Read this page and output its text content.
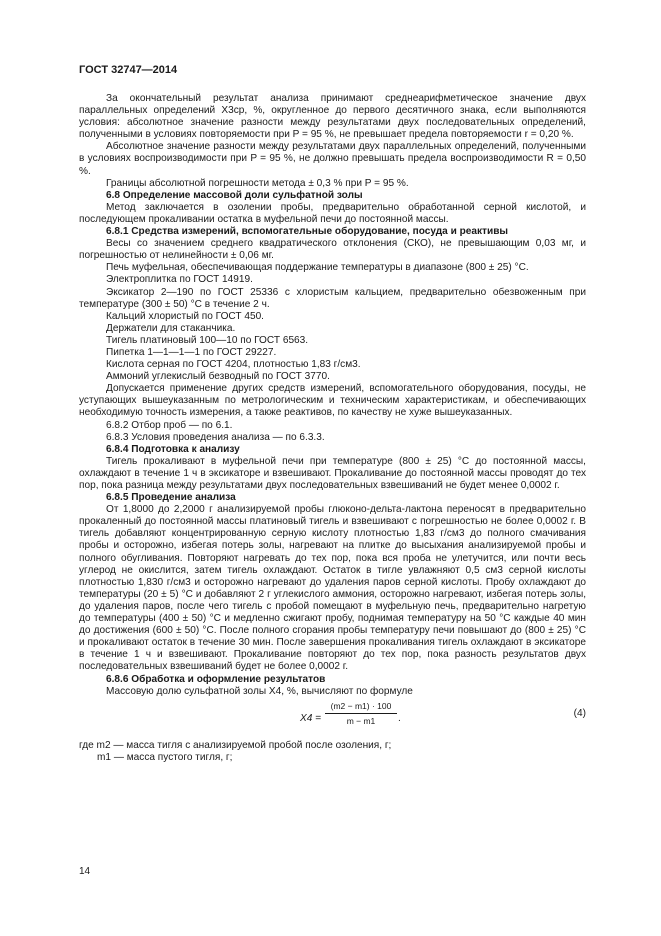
ГОСТ 32747—2014

За окончательный результат анализа принимают среднеарифметическое значение двух параллельных определений X3ср, %, округленное до первого десятичного знака, если выполняются условия: абсолютное значение разности между результатами двух последовательных определений, полученными в условиях повторяемости при P = 95 %, не превышает предела повторяемости r = 0,20 %.

Абсолютное значение разности между результатами двух параллельных определений, полученными в условиях воспроизводимости при P = 95 %, не должно превышать предела воспроизводимости R = 0,50 %.

Границы абсолютной погрешности метода ± 0,3 % при P = 95 %.

6.8 Определение массовой доли сульфатной золы

Метод заключается в озолении пробы, предварительно обработанной серной кислотой, и последующем прокаливании остатка в муфельной печи до постоянной массы.

6.8.1 Средства измерений, вспомогательные оборудование, посуда и реактивы

Весы со значением среднего квадратического отклонения (СКО), не превышающим 0,03 мг, и погрешностью от нелинейности ± 0,06 мг.

Печь муфельная, обеспечивающая поддержание температуры в диапазоне (800 ± 25) °С.

Электроплитка по ГОСТ 14919.

Эксикатор 2—190 по ГОСТ 25336 с хлористым кальцием, предварительно обезвоженным при температуре (300 ± 50) °С в течение 2 ч.

Кальций хлористый по ГОСТ 450.

Держатели для стаканчика.

Тигель платиновый 100—10 по ГОСТ 6563.

Пипетка 1—1—1—1 по ГОСТ 29227.

Кислота серная по ГОСТ 4204, плотностью 1,83 г/см3.

Аммоний углекислый безводный по ГОСТ 3770.

Допускается применение других средств измерений, вспомогательного оборудования, посуды, не уступающих вышеуказанным по метрологическим и техническим характеристикам, и обеспечивающих необходимую точность измерения, а также реактивов, по качеству не хуже вышеуказанных.

6.8.2 Отбор проб — по 6.1.

6.8.3 Условия проведения анализа — по 6.3.3.

6.8.4 Подготовка к анализу

Тигель прокаливают в муфельной печи при температуре (800 ± 25) °С до постоянной массы, охлаждают в течение 1 ч в эксикаторе и взвешивают. Прокаливание до постоянной массы проводят до тех пор, пока разница между результатами двух последовательных взвешиваний не будет менее 0,0002 г.

6.8.5 Проведение анализа

От 1,8000 до 2,2000 г анализируемой пробы глюконо-дельта-лактона переносят в предварительно прокаленный до постоянной массы платиновый тигель и взвешивают с погрешностью не более 0,0002 г. В тигель добавляют концентрированную серную кислоту плотностью 1,83 г/см3 до полного смачивания пробы и осторожно, избегая потерь золы, нагревают на плитке до высыхания анализируемой пробы и полного обугливания. Повторяют нагревать до тех пор, пока вся проба не улетучится, или почти весь углерод не окислится, затем тигель охлаждают. Остаток в тигле увлажняют 0,5 см3 серной кислоты плотностью 1,830 г/см3 и осторожно нагревают до удаления паров серной кислоты. Пробу охлаждают до температуры (20 ± 5) °С и добавляют 2 г углекислого аммония, осторожно нагревают, избегая потерь золы, до удаления паров, после чего тигель с пробой помещают в муфельную печь, предварительно нагретую до температуры (400 ± 50) °С и медленно сжигают пробу, поднимая температуру на 50 °С каждые 40 мин до достижения (600 ± 50) °С. После полного сгорания пробы температуру печи повышают до (800 ± 25) °С и прокаливают остаток в течение 30 мин. После завершения прокаливания тигель охлаждают в эксикаторе в течение 1 ч и взвешивают. Прокаливание повторяют до тех пор, пока разность результатов двух последовательных взвешиваний будет не более 0,0002 г.

6.8.6 Обработка и оформление результатов

Массовую долю сульфатной золы X4, %, вычисляют по формуле

X4 =
(m2 − m1) · 100
m − m1	.	(4)

где m2 — масса тигля с анализируемой пробой после озоления, г;

m1 — масса пустого тигля, г;

14
